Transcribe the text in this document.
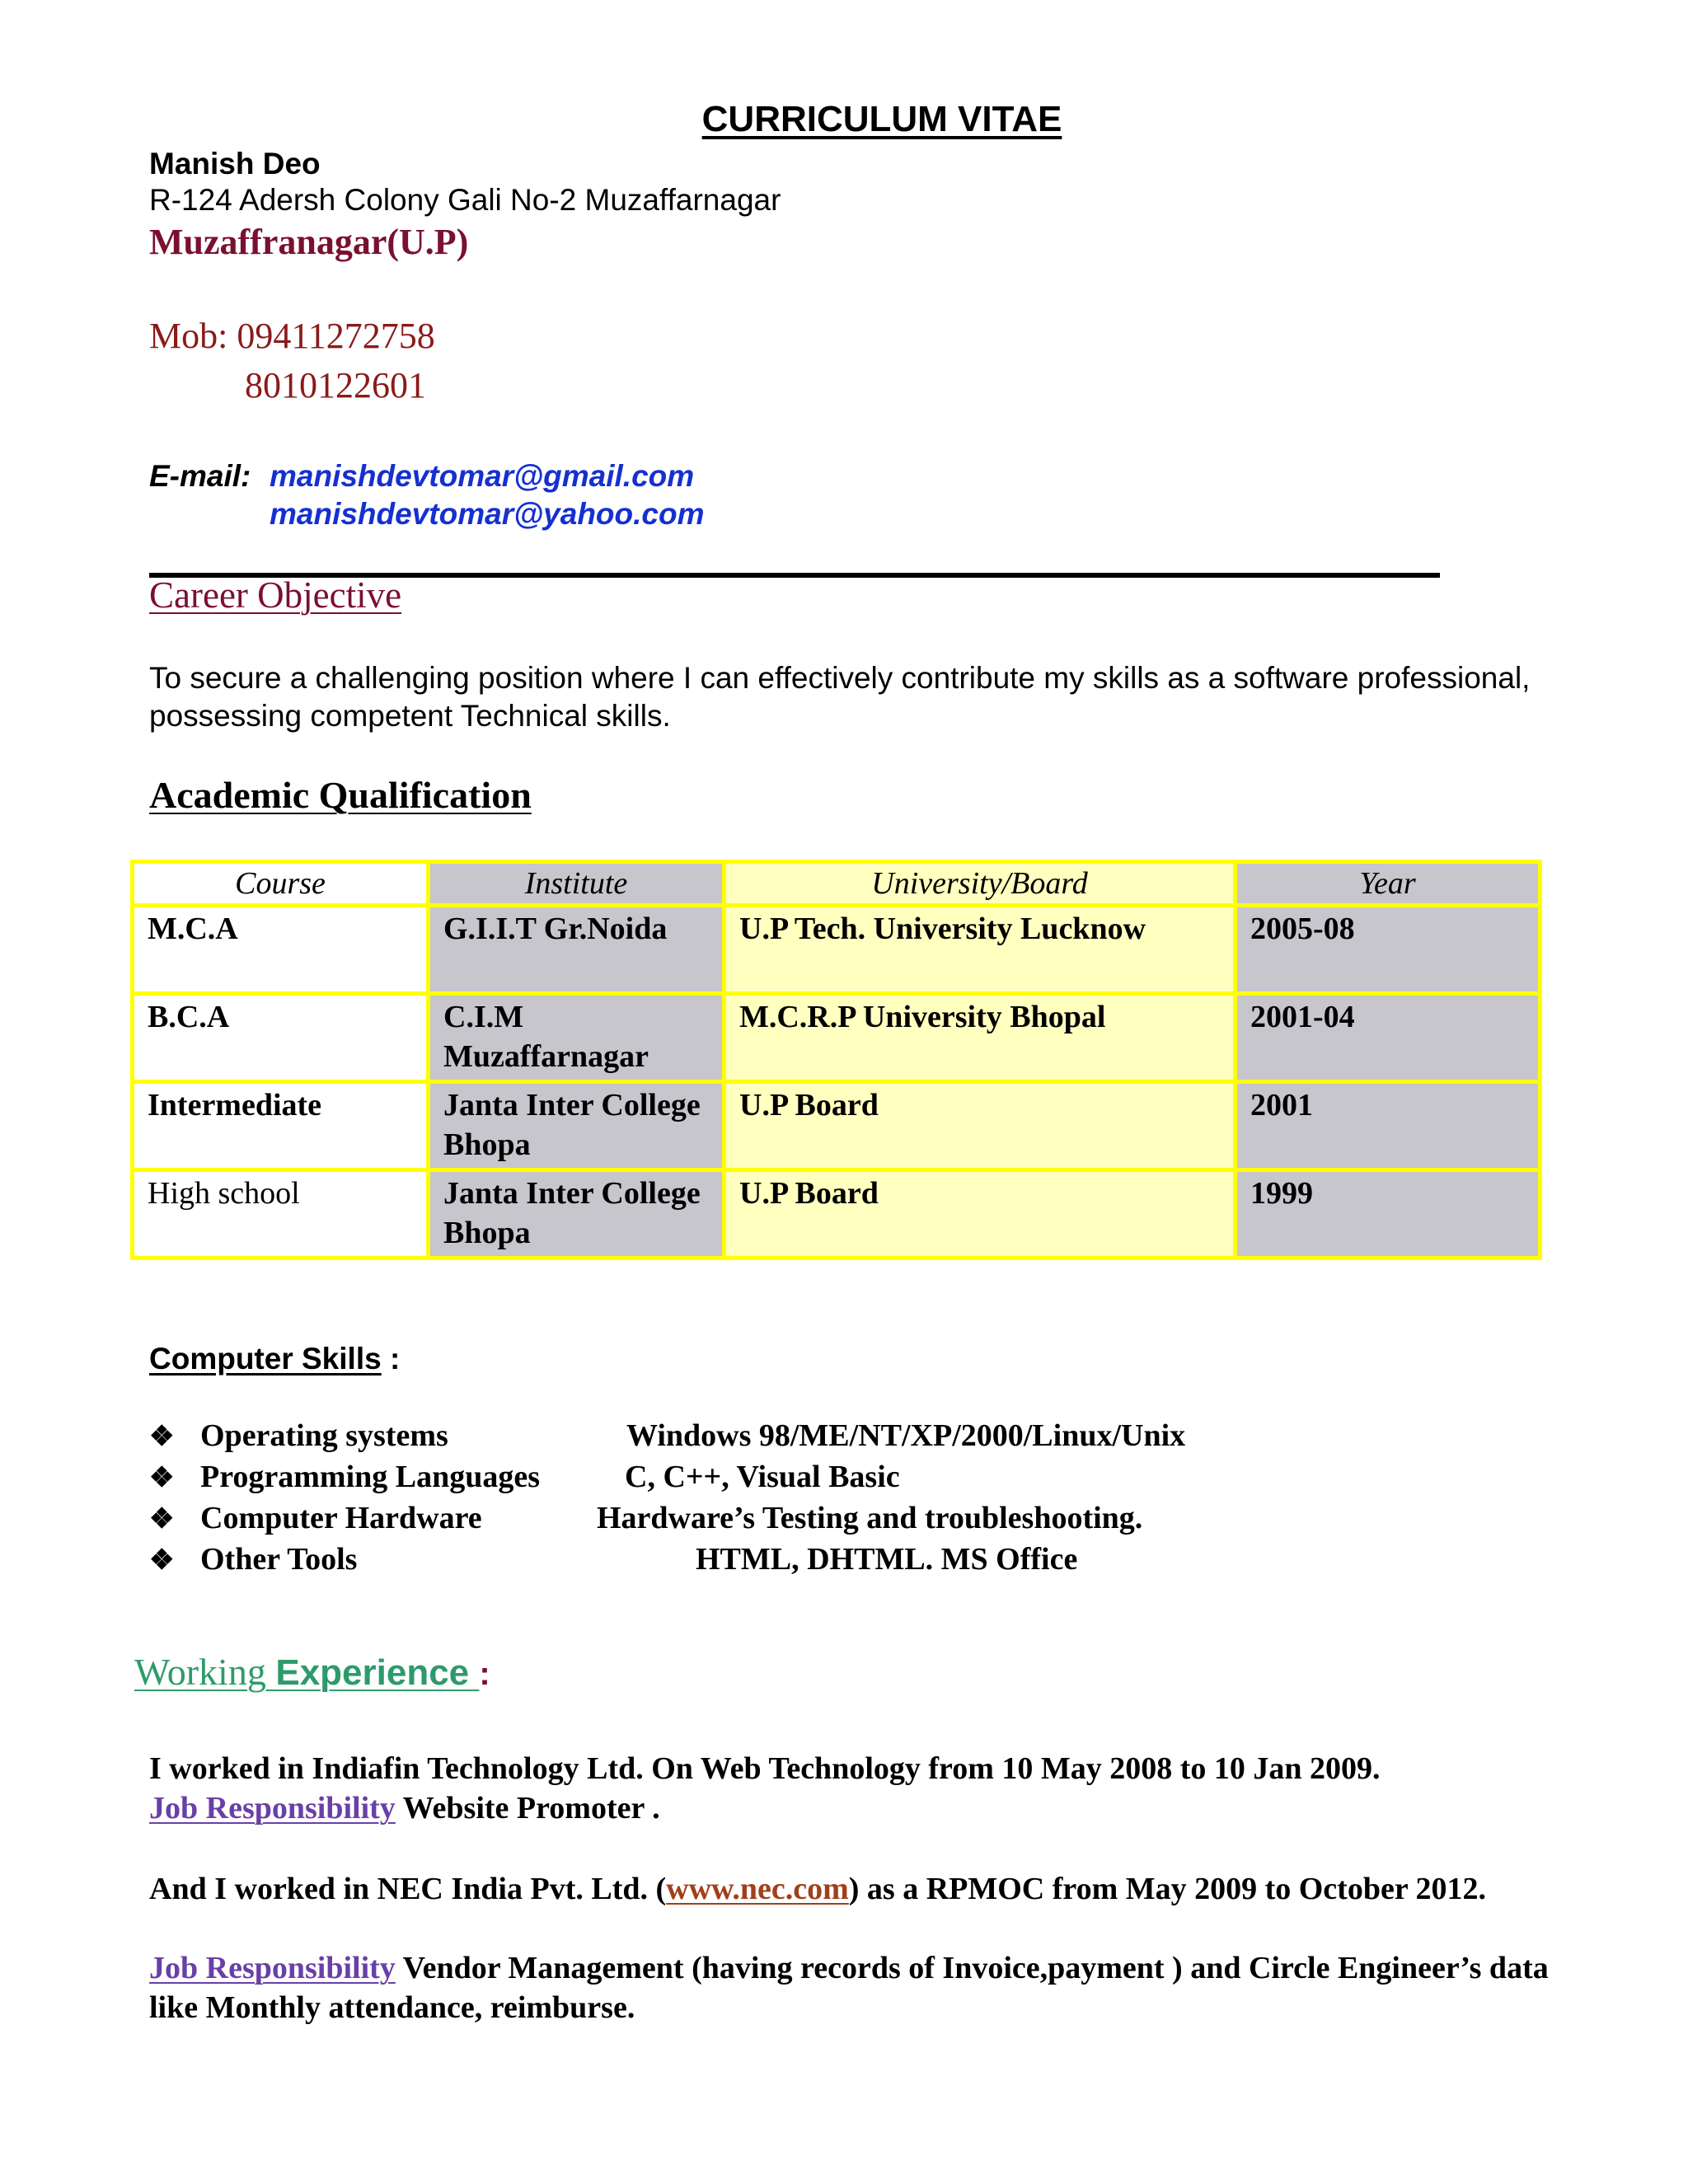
CURRICULUM VITAE
Manish Deo
R-124 Adersh Colony Gali No-2 Muzaffarnagar
Muzaffranagar(U.P)
Mob: 09411272758
8010122601
E-mail: manishdevtomar@gmail.com
manishdevtomar@yahoo.com
Career Objective
To secure a challenging position where I can effectively contribute my skills as a software professional, possessing competent Technical skills.
Academic Qualification
Course	Institute	University/Board	Year
M.C.A	G.I.I.T Gr.Noida	U.P Tech. University Lucknow	2005-08
B.C.A	C.I.M Muzaffarnagar	M.C.R.P University Bhopal	2001-04
Intermediate	Janta Inter College Bhopa	U.P Board	2001
High school	Janta Inter College Bhopa	U.P Board	1999
Computer Skills :
❖ Operating systems	Windows 98/ME/NT/XP/2000/Linux/Unix
❖ Programming Languages	C, C++, Visual Basic
❖ Computer Hardware	Hardware’s Testing and troubleshooting.
❖ Other Tools	HTML, DHTML. MS Office
Working Experience :
I worked in Indiafin Technology Ltd. On Web Technology from 10 May 2008 to 10 Jan 2009.
Job Responsibility Website Promoter .
And I worked in NEC India Pvt. Ltd. (www.nec.com) as a RPMOC from May 2009 to October 2012.
Job Responsibility Vendor Management (having records of Invoice,payment ) and Circle Engineer’s data like Monthly attendance, reimburse.
